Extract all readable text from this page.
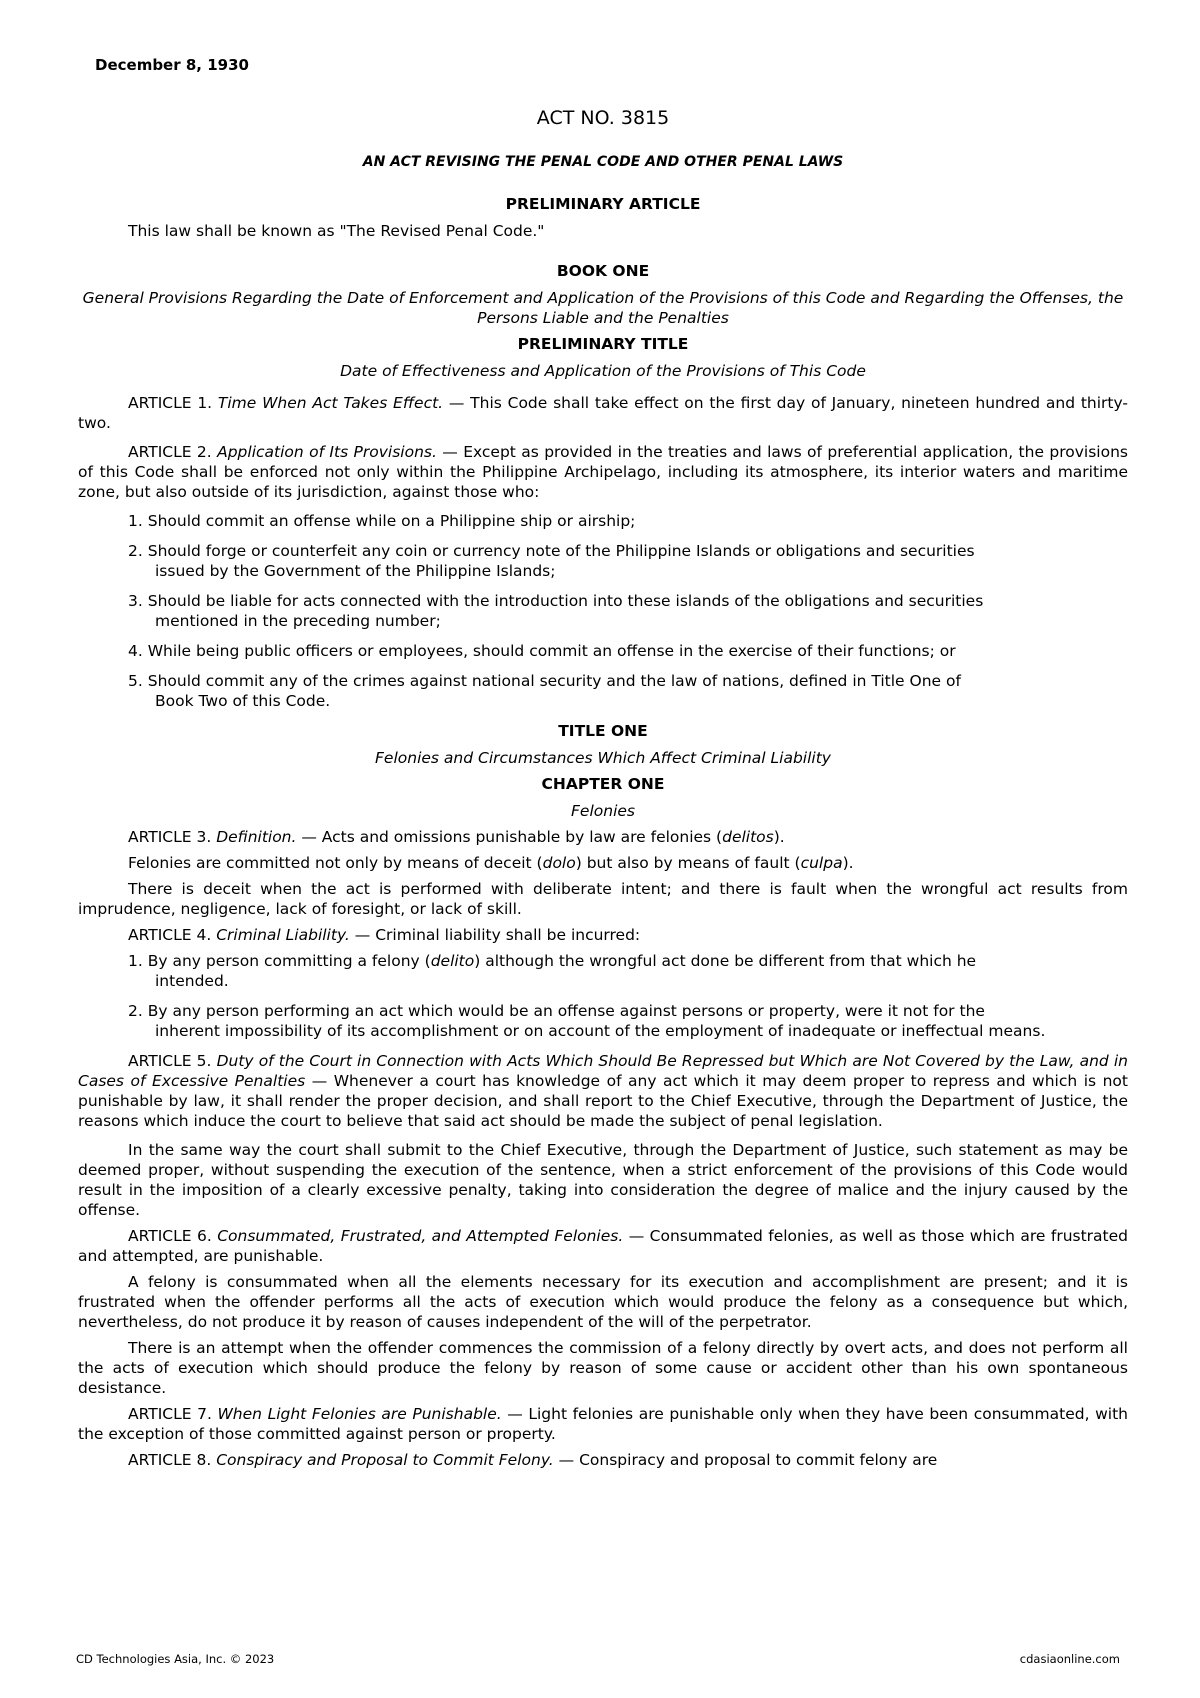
December 8, 1930
ACT NO. 3815
AN ACT REVISING THE PENAL CODE AND OTHER PENAL LAWS
PRELIMINARY ARTICLE

This law shall be known as "The Revised Penal Code."

BOOK ONE
General Provisions Regarding the Date of Enforcement and Application of the Provisions of this Code and Regarding the Offenses, the Persons Liable and the Penalties
PRELIMINARY TITLE
Date of Effectiveness and Application of the Provisions of This Code

ARTICLE 1. Time When Act Takes Effect. — This Code shall take effect on the first day of January, nineteen hundred and thirty-two.

ARTICLE 2. Application of Its Provisions. — Except as provided in the treaties and laws of preferential application, the provisions of this Code shall be enforced not only within the Philippine Archipelago, including its atmosphere, its interior waters and maritime zone, but also outside of its jurisdiction, against those who:

1. Should commit an offense while on a Philippine ship or airship;
2. Should forge or counterfeit any coin or currency note of the Philippine Islands or obligations and securities
issued by the Government of the Philippine Islands;
3. Should be liable for acts connected with the introduction into these islands of the obligations and securities
mentioned in the preceding number;
4. While being public officers or employees, should commit an offense in the exercise of their functions; or
5. Should commit any of the crimes against national security and the law of nations, defined in Title One of
Book Two of this Code.
TITLE ONE
Felonies and Circumstances Which Affect Criminal Liability
CHAPTER ONE
Felonies

ARTICLE 3. Definition. — Acts and omissions punishable by law are felonies (delitos).

Felonies are committed not only by means of deceit (dolo) but also by means of fault (culpa).

There is deceit when the act is performed with deliberate intent; and there is fault when the wrongful act results from imprudence, negligence, lack of foresight, or lack of skill.

ARTICLE 4. Criminal Liability. — Criminal liability shall be incurred:

1. By any person committing a felony (delito) although the wrongful act done be different from that which he
intended.
2. By any person performing an act which would be an offense against persons or property, were it not for the
inherent impossibility of its accomplishment or on account of the employment of inadequate or ineffectual means.

ARTICLE 5. Duty of the Court in Connection with Acts Which Should Be Repressed but Which are Not Covered by the Law, and in Cases of Excessive Penalties — Whenever a court has knowledge of any act which it may deem proper to repress and which is not punishable by law, it shall render the proper decision, and shall report to the Chief Executive, through the Department of Justice, the reasons which induce the court to believe that said act should be made the subject of penal legislation.

In the same way the court shall submit to the Chief Executive, through the Department of Justice, such statement as may be deemed proper, without suspending the execution of the sentence, when a strict enforcement of the provisions of this Code would result in the imposition of a clearly excessive penalty, taking into consideration the degree of malice and the injury caused by the offense.

ARTICLE 6. Consummated, Frustrated, and Attempted Felonies. — Consummated felonies, as well as those which are frustrated and attempted, are punishable.

A felony is consummated when all the elements necessary for its execution and accomplishment are present; and it is frustrated when the offender performs all the acts of execution which would produce the felony as a consequence but which, nevertheless, do not produce it by reason of causes independent of the will of the perpetrator.

There is an attempt when the offender commences the commission of a felony directly by overt acts, and does not perform all the acts of execution which should produce the felony by reason of some cause or accident other than his own spontaneous desistance.

ARTICLE 7. When Light Felonies are Punishable. — Light felonies are punishable only when they have been consummated, with the exception of those committed against person or property.

ARTICLE 8. Conspiracy and Proposal to Commit Felony. — Conspiracy and proposal to commit felony are

CD Technologies Asia, Inc. © 2023	cdasiaonline.com
